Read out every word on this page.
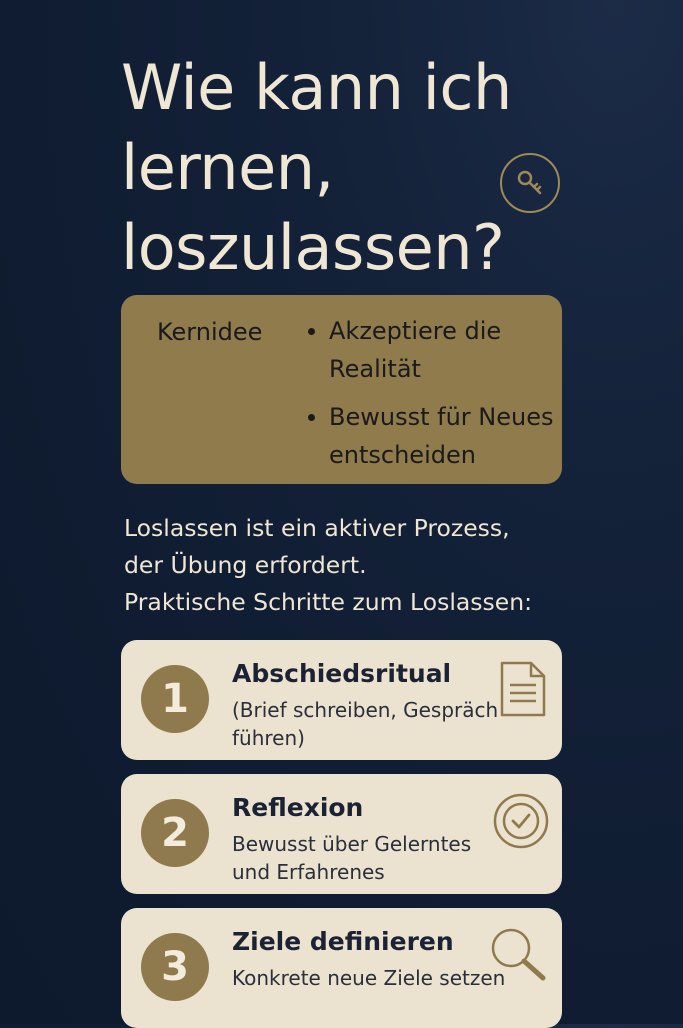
Wie kann ich
lernen,
loszulassen?
Kernidee	Akzeptiere die Realität
Bewusst für Neues entscheiden

Loslassen ist ein aktiver Prozess,

der Übung erfordert.

Praktische Schritte zum Loslassen:

1
Abschiedsritual
(Brief schreiben, Gespräch führen)
2
Reflexion
Bewusst über Gelerntes und Erfahrenes
3
Ziele definieren
Konkrete neue Ziele setzen
